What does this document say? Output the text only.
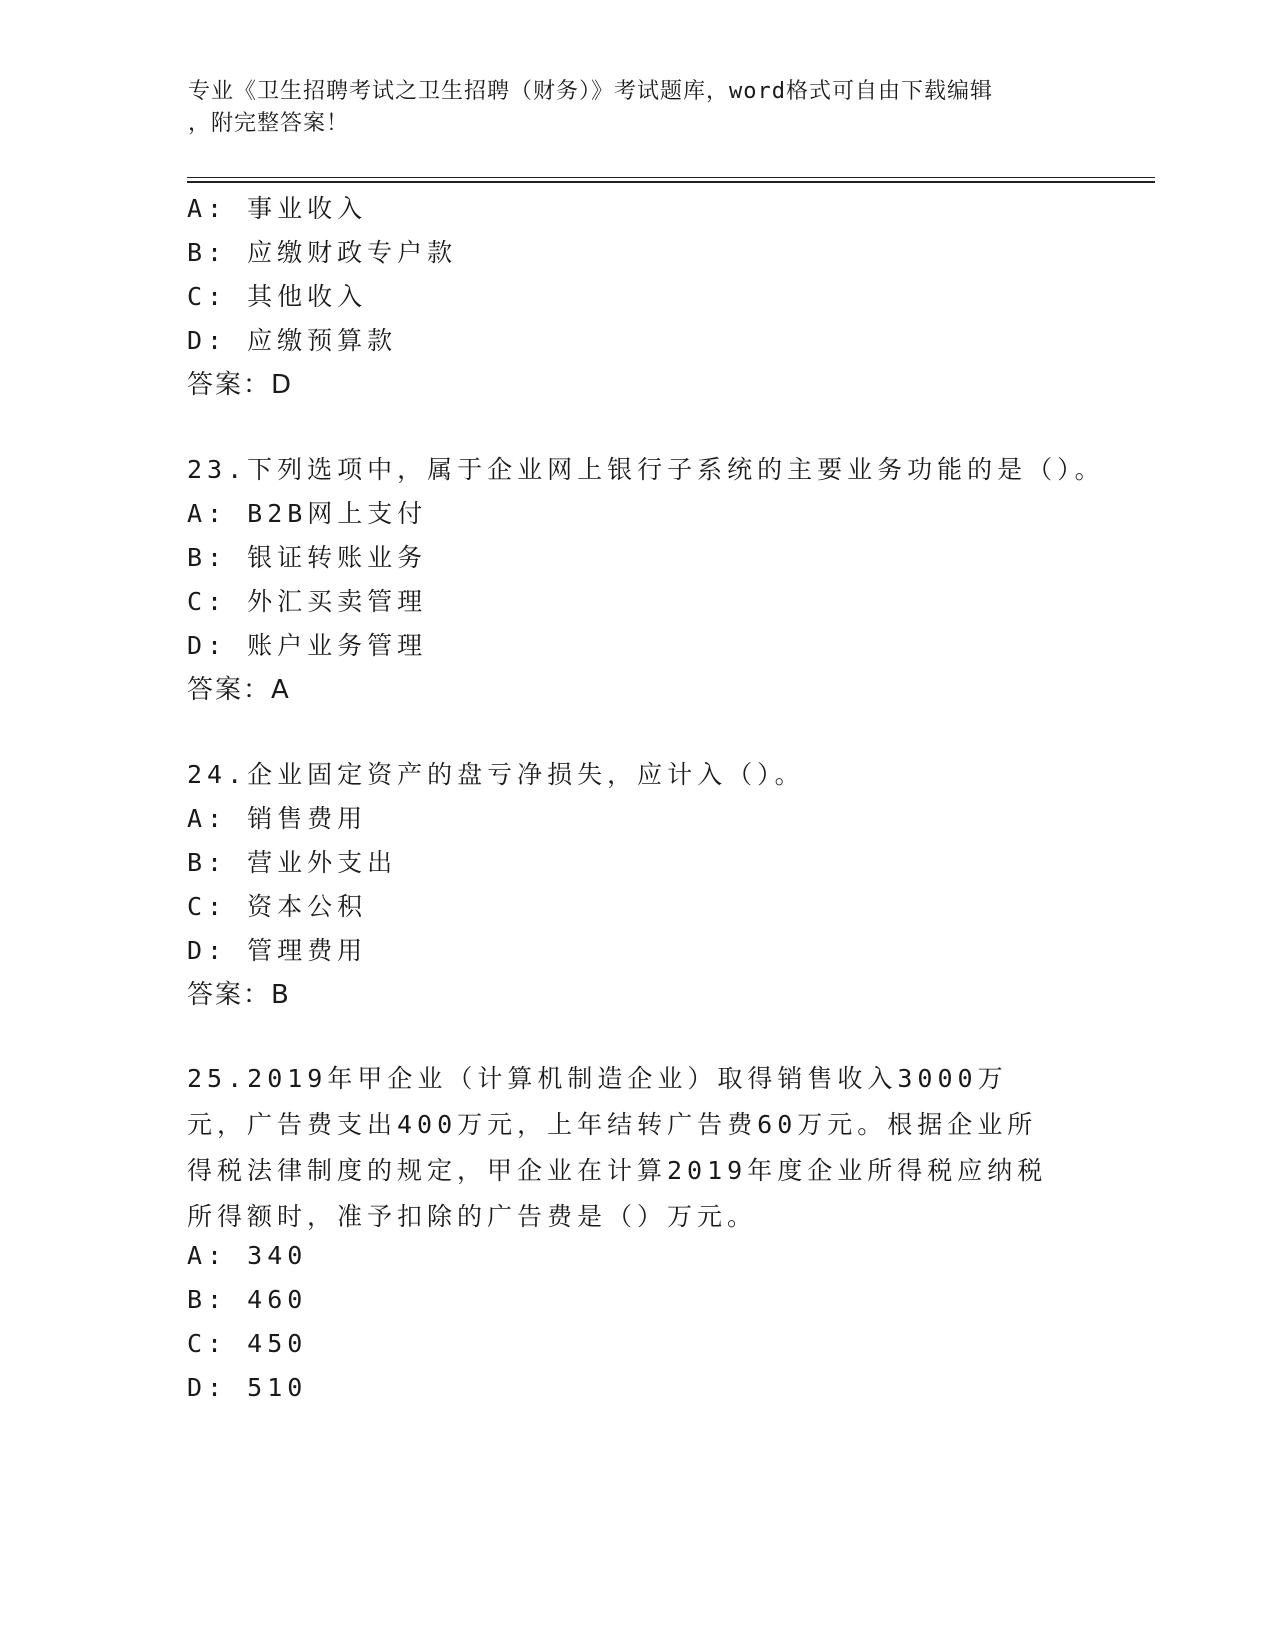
专业《卫生招聘考试之卫生招聘（财务）》考试题库，word格式可自由下载编辑
，附完整答案！
A: 事业收入
B: 应缴财政专户款
C: 其他收入
D: 应缴预算款
答案：D
23.下列选项中，属于企业网上银行子系统的主要业务功能的是（）。
A: B2B网上支付
B: 银证转账业务
C: 外汇买卖管理
D: 账户业务管理
答案：A
24.企业固定资产的盘亏净损失，应计入（）。
A: 销售费用
B: 营业外支出
C: 资本公积
D: 管理费用
答案：B
25.2019年甲企业（计算机制造企业）取得销售收入3000万元，广告费支出400万元，上年结转广告费60万元。根据企业所得税法律制度的规定，甲企业在计算2019年度企业所得税应纳税所得额时，准予扣除的广告费是（）万元。
A: 340
B: 460
C: 450
D: 510
